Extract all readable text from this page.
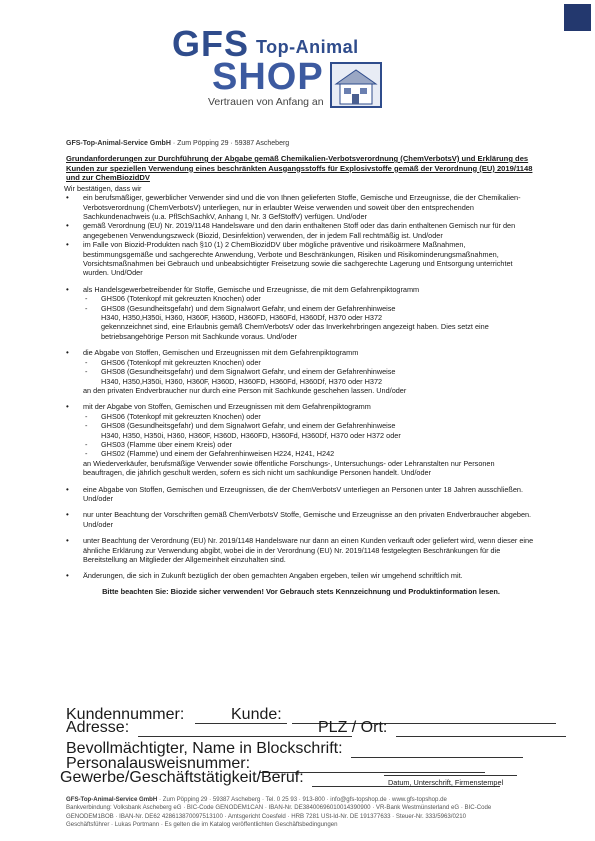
GFS Top-Animal
SHOP
Vertrauen von Anfang an
GFS-Top-Animal-Service GmbH · Zum Pöpping 29 · 59387 Ascheberg

Grundanforderungen zur Durchführung der Abgabe gemäß Chemikalien-Verbotsverordnung (ChemVerbotsV) und Erklärung des Kunden zur speziellen Verwendung eines beschränkten Ausgangsstoffs für Explosivstoffe gemäß der Verordnung (EU) 2019/1148 und zur ChemBiozidDV

Wir bestätigen, dass wir
• ein berufsmäßiger, gewerblicher Verwender sind und die von Ihnen gelieferten Stoffe, Gemische und Erzeugnisse, die der Chemikalien-Verbotsverordnung (ChemVerbotsV) unterliegen, nur in erlaubter Weise verwenden und soweit über den entsprechenden Sachkundenachweis (u.a. PflSchSachkV, Anhang I, Nr. 3 GefStoffV) verfügen. Und/oder
• gemäß Verordnung (EU) Nr. 2019/1148 Handelsware und den darin enthaltenen Stoff oder das darin enthaltenen Gemisch nur für den angegebenen Verwendungszweck (Biozid, Desinfektion) verwenden, der in jedem Fall rechtmäßig ist. Und/oder
• im Falle von Biozid-Produkten nach §10 (1) 2 ChemBiozidDV über mögliche präventive und risikoärmere Maßnahmen, bestimmungsgemäße und sachgerechte Anwendung, Verbote und Beschränkungen, Risiken und Risikominderungsmaßnahmen, Vorsichtsmaßnahmen bei Gebrauch und unbeabsichtigter Freisetzung sowie die sachgerechte Lagerung und Entsorgung unterrichtet wurden. Und/Oder
• als Handelsgewerbetreibender für Stoffe, Gemische und Erzeugnisse, die mit dem Gefahrenpiktogramm
- GHS06 (Totenkopf mit gekreuzten Knochen) oder
- GHS08 (Gesundheitsgefahr) und dem Signalwort Gefahr, und einem der Gefahrenhinweise
H340, H350,H350i, H360, H360F, H360D, H360FD, H360Fd, H360Df, H370 oder H372
gekennzeichnet sind, eine Erlaubnis gemäß ChemVerbotsV oder das Inverkehrbringen angezeigt haben. Dies setzt eine betriebsangehörige Person mit Sachkunde voraus. Und/oder
• die Abgabe von Stoffen, Gemischen und Erzeugnissen mit dem Gefahrenpiktogramm
- GHS06 (Totenkopf mit gekreuzten Knochen) oder
- GHS08 (Gesundheitsgefahr) und dem Signalwort Gefahr, und einem der Gefahrenhinweise
H340, H350,H350i, H360, H360F, H360D, H360FD, H360Fd, H360Df, H370 oder H372
an den privaten Endverbraucher nur durch eine Person mit Sachkunde geschehen lassen. Und/oder
• mit der Abgabe von Stoffen, Gemischen und Erzeugnissen mit dem Gefahrenpiktogramm
- GHS06 (Totenkopf mit gekreuzten Knochen) oder
- GHS08 (Gesundheitsgefahr) und dem Signalwort Gefahr, und einem der Gefahrenhinweise
H340, H350, H350i, H360, H360F, H360D, H360FD, H360Fd, H360Df, H370 oder H372 oder
- GHS03 (Flamme über einem Kreis) oder
- GHS02 (Flamme) und einem der Gefahrenhinweisen H224, H241, H242
an Wiederverkäufer, berufsmäßige Verwender sowie öffentliche Forschungs-, Untersuchungs- oder Lehranstalten nur Personen beauftragen, die jährlich geschult werden, sofern es sich nicht um sachkundige Personen handelt. Und/oder
• eine Abgabe von Stoffen, Gemischen und Erzeugnissen, die der ChemVerbotsV unterliegen an Personen unter 18 Jahren ausschließen. Und/oder
• nur unter Beachtung der Vorschriften gemäß ChemVerbotsV Stoffe, Gemische und Erzeugnisse an den privaten Endverbraucher abgeben. Und/oder
• unter Beachtung der Verordnung (EU) Nr. 2019/1148 Handelsware nur dann an einen Kunden verkauft oder geliefert wird, wenn dieser eine ähnliche Erklärung zur Verwendung abgibt, wobei die in der Verordnung (EU) Nr. 2019/1148 festgelegten Beschränkungen für die Bereitstellung an Mitglieder der Allgemeinheit einzuhalten sind.
• Änderungen, die sich in Zukunft bezüglich der oben gemachten Angaben ergeben, teilen wir umgehend schriftlich mit.
Bitte beachten Sie: Biozide sicher verwenden! Vor Gebrauch stets Kennzeichnung und Produktinformation lesen.
Kundennummer:	Kunde:
Adresse:	PLZ / Ort:
Bevollmächtigter, Name in Blockschrift:
Personalausweisnummer:
Gewerbe/Geschäftstätigkeit/Beruf:	Datum, Unterschrift, Firmenstempel
GFS-Top-Animal-Service GmbH · Zum Pöpping 29 · 59387 Ascheberg · Tel. 0 25 93 · 913-800 · info@gfs-topshop.de · www.gfs-topshop.de
Bankverbindung: Volksbank Ascheberg eG · BIC-Code GENODEM1CAN · IBAN-Nr. DE38400696010014390900 · VR-Bank Westmünsterland eG · BIC-Code
GENODEM1BOB · IBAN-Nr. DE62 428613870097513100 · Amtsgericht Coesfeld · HRB 7281 USt-Id-Nr. DE 191377633 · Steuer-Nr. 333/5963/0210
Geschäftsführer · Lukas Portmann · Es gelten die im Katalog veröffentlichten Geschäftsbedingungen
